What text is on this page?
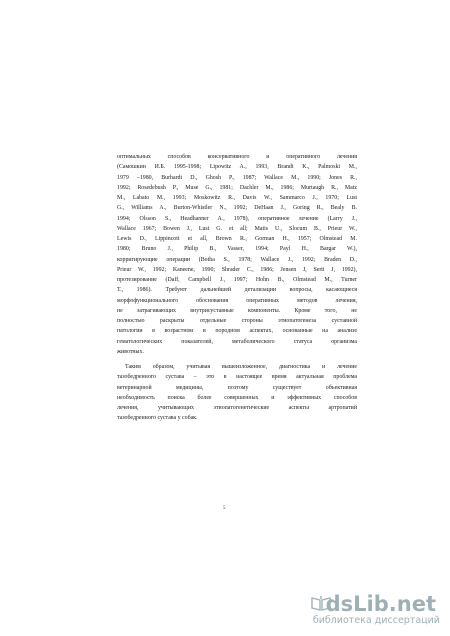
оптимальных способов консервативного и оперативного лечения
(Самошкин И.Б. 1995-1998; Lipowitz A., 1993, Brandt K., Palmoski M.,
1979 –1980, Burhardt D., Ghosh P., 1987; Wallace M., 1990; Jones R.,
1992; Rosedebush P., Muse G., 1981; Dachler M., 1986; Murtaugh R., Matz
M., Labato M., 1993; Moskowitz R., Davis W., Sammarco J., 1970; Lust
G., Williams A., Burton-Whistler N., 1992; DeHaan J., Goring R., Bealy B.
1994; Olsson S., Headhanner A., 1978), оперативное лечение (Larry J.,
Wallace 1967; Bowen J., Lust G. et all; Matis U., Slocum B., Prieur W.,
Lewis D., Lippincott et all, Brown R., Gorman H., 1957; Olmstead M.
1980; Bruno J., Philip B., Vasser, 1994; Payl H., Bargar W.),
корригирующие операции (Botha S., 1978; Wallace J., 1992; Braden D.,
Prieur W., 1992; Kaneene, 1990; Shrader C., 1986; Jensen J, Serti J, 1992),
протезирование (Daff, Campbell J., 1997; Hohn B., Olmstead M., Turner
T., 1986). Требуют дальнейшей детализации вопросы, касающиеся
морфофункционального обоснования оперативных методов лечения,
не затрагивающих внутрисуставные компоненты. Кроме того, не
полностью раскрыты отдельные стороны этиопатогенеза суставной
патологии в возрастном и породном аспектах, основанные на анализе
гематологических показателей, метаболического статуса организма
животных.
Таким образом, учитывая вышеизложенное, диагностика и лечение
тазобедренного сустава – это в настоящее время актуальная проблема
ветеринарной медицины, поэтому существует объективная
необходимость поиска более совершенных и эффективных способов
лечения, учитывающих этиопатогенетические аспекты артропатий
тазобедренного сустава у собак.
5
dsLib.net
библиотека диссертаций
